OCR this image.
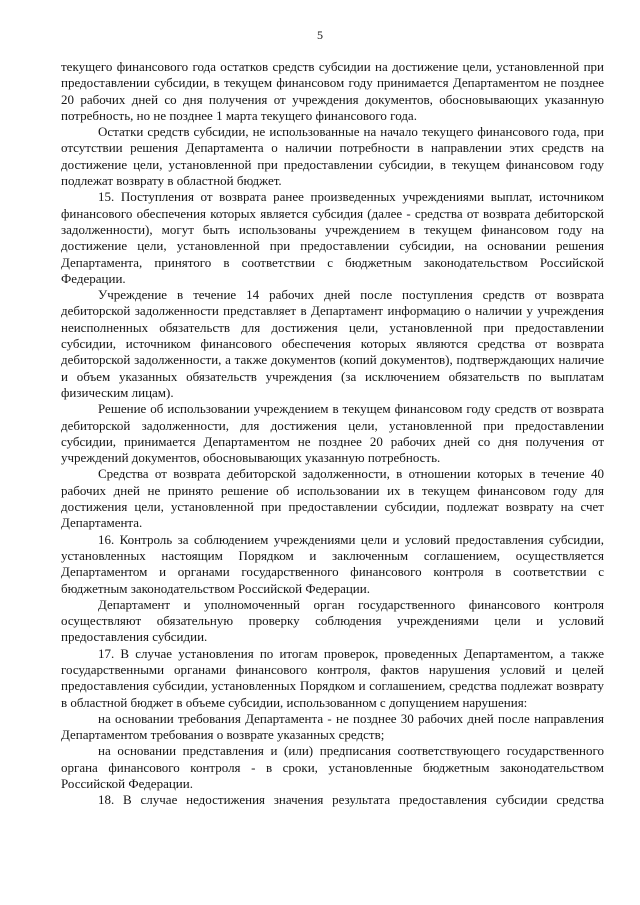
5

текущего финансового года остатков средств субсидии на достижение цели, установленной при предоставлении субсидии, в текущем финансовом году принимается Департаментом не позднее 20 рабочих дней со дня получения от учреждения документов, обосновывающих указанную потребность, но не позднее 1 марта текущего финансового года.

Остатки средств субсидии, не использованные на начало текущего финансового года, при отсутствии решения Департамента о наличии потребности в направлении этих средств на достижение цели, установленной при предоставлении субсидии, в текущем финансовом году подлежат возврату в областной бюджет.

15. Поступления от возврата ранее произведенных учреждениями выплат, источником финансового обеспечения которых является субсидия (далее - средства от возврата дебиторской задолженности), могут быть использованы учреждением в текущем финансовом году на достижение цели, установленной при предоставлении субсидии, на основании решения Департамента, принятого в соответствии с бюджетным законодательством Российской Федерации.

Учреждение в течение 14 рабочих дней после поступления средств от возврата дебиторской задолженности представляет в Департамент информацию о наличии у учреждения неисполненных обязательств для достижения цели, установленной при предоставлении субсидии, источником финансового обеспечения которых являются средства от возврата дебиторской задолженности, а также документов (копий документов), подтверждающих наличие и объем указанных обязательств учреждения (за исключением обязательств по выплатам физическим лицам).

Решение об использовании учреждением в текущем финансовом году средств от возврата дебиторской задолженности, для достижения цели, установленной при предоставлении субсидии, принимается Департаментом не позднее 20 рабочих дней со дня получения от учреждений документов, обосновывающих указанную потребность.

Средства от возврата дебиторской задолженности, в отношении которых в течение 40 рабочих дней не принято решение об использовании их в текущем финансовом году для достижения цели, установленной при предоставлении субсидии, подлежат возврату на счет Департамента.

16. Контроль за соблюдением учреждениями цели и условий предоставления субсидии, установленных настоящим Порядком и заключенным соглашением, осуществляется Департаментом и органами государственного финансового контроля в соответствии с бюджетным законодательством Российской Федерации.

Департамент и уполномоченный орган государственного финансового контроля осуществляют обязательную проверку соблюдения учреждениями цели и условий предоставления субсидии.

17. В случае установления по итогам проверок, проведенных Департаментом, а также государственными органами финансового контроля, фактов нарушения условий и целей предоставления субсидии, установленных Порядком и соглашением, средства подлежат возврату в областной бюджет в объеме субсидии, использованном с допущением нарушения:

на основании требования Департамента - не позднее 30 рабочих дней после направления Департаментом требования о возврате указанных средств;

на основании представления и (или) предписания соответствующего государственного органа финансового контроля - в сроки, установленные бюджетным законодательством Российской Федерации.

18. В случае недостижения значения результата предоставления субсидии средства
